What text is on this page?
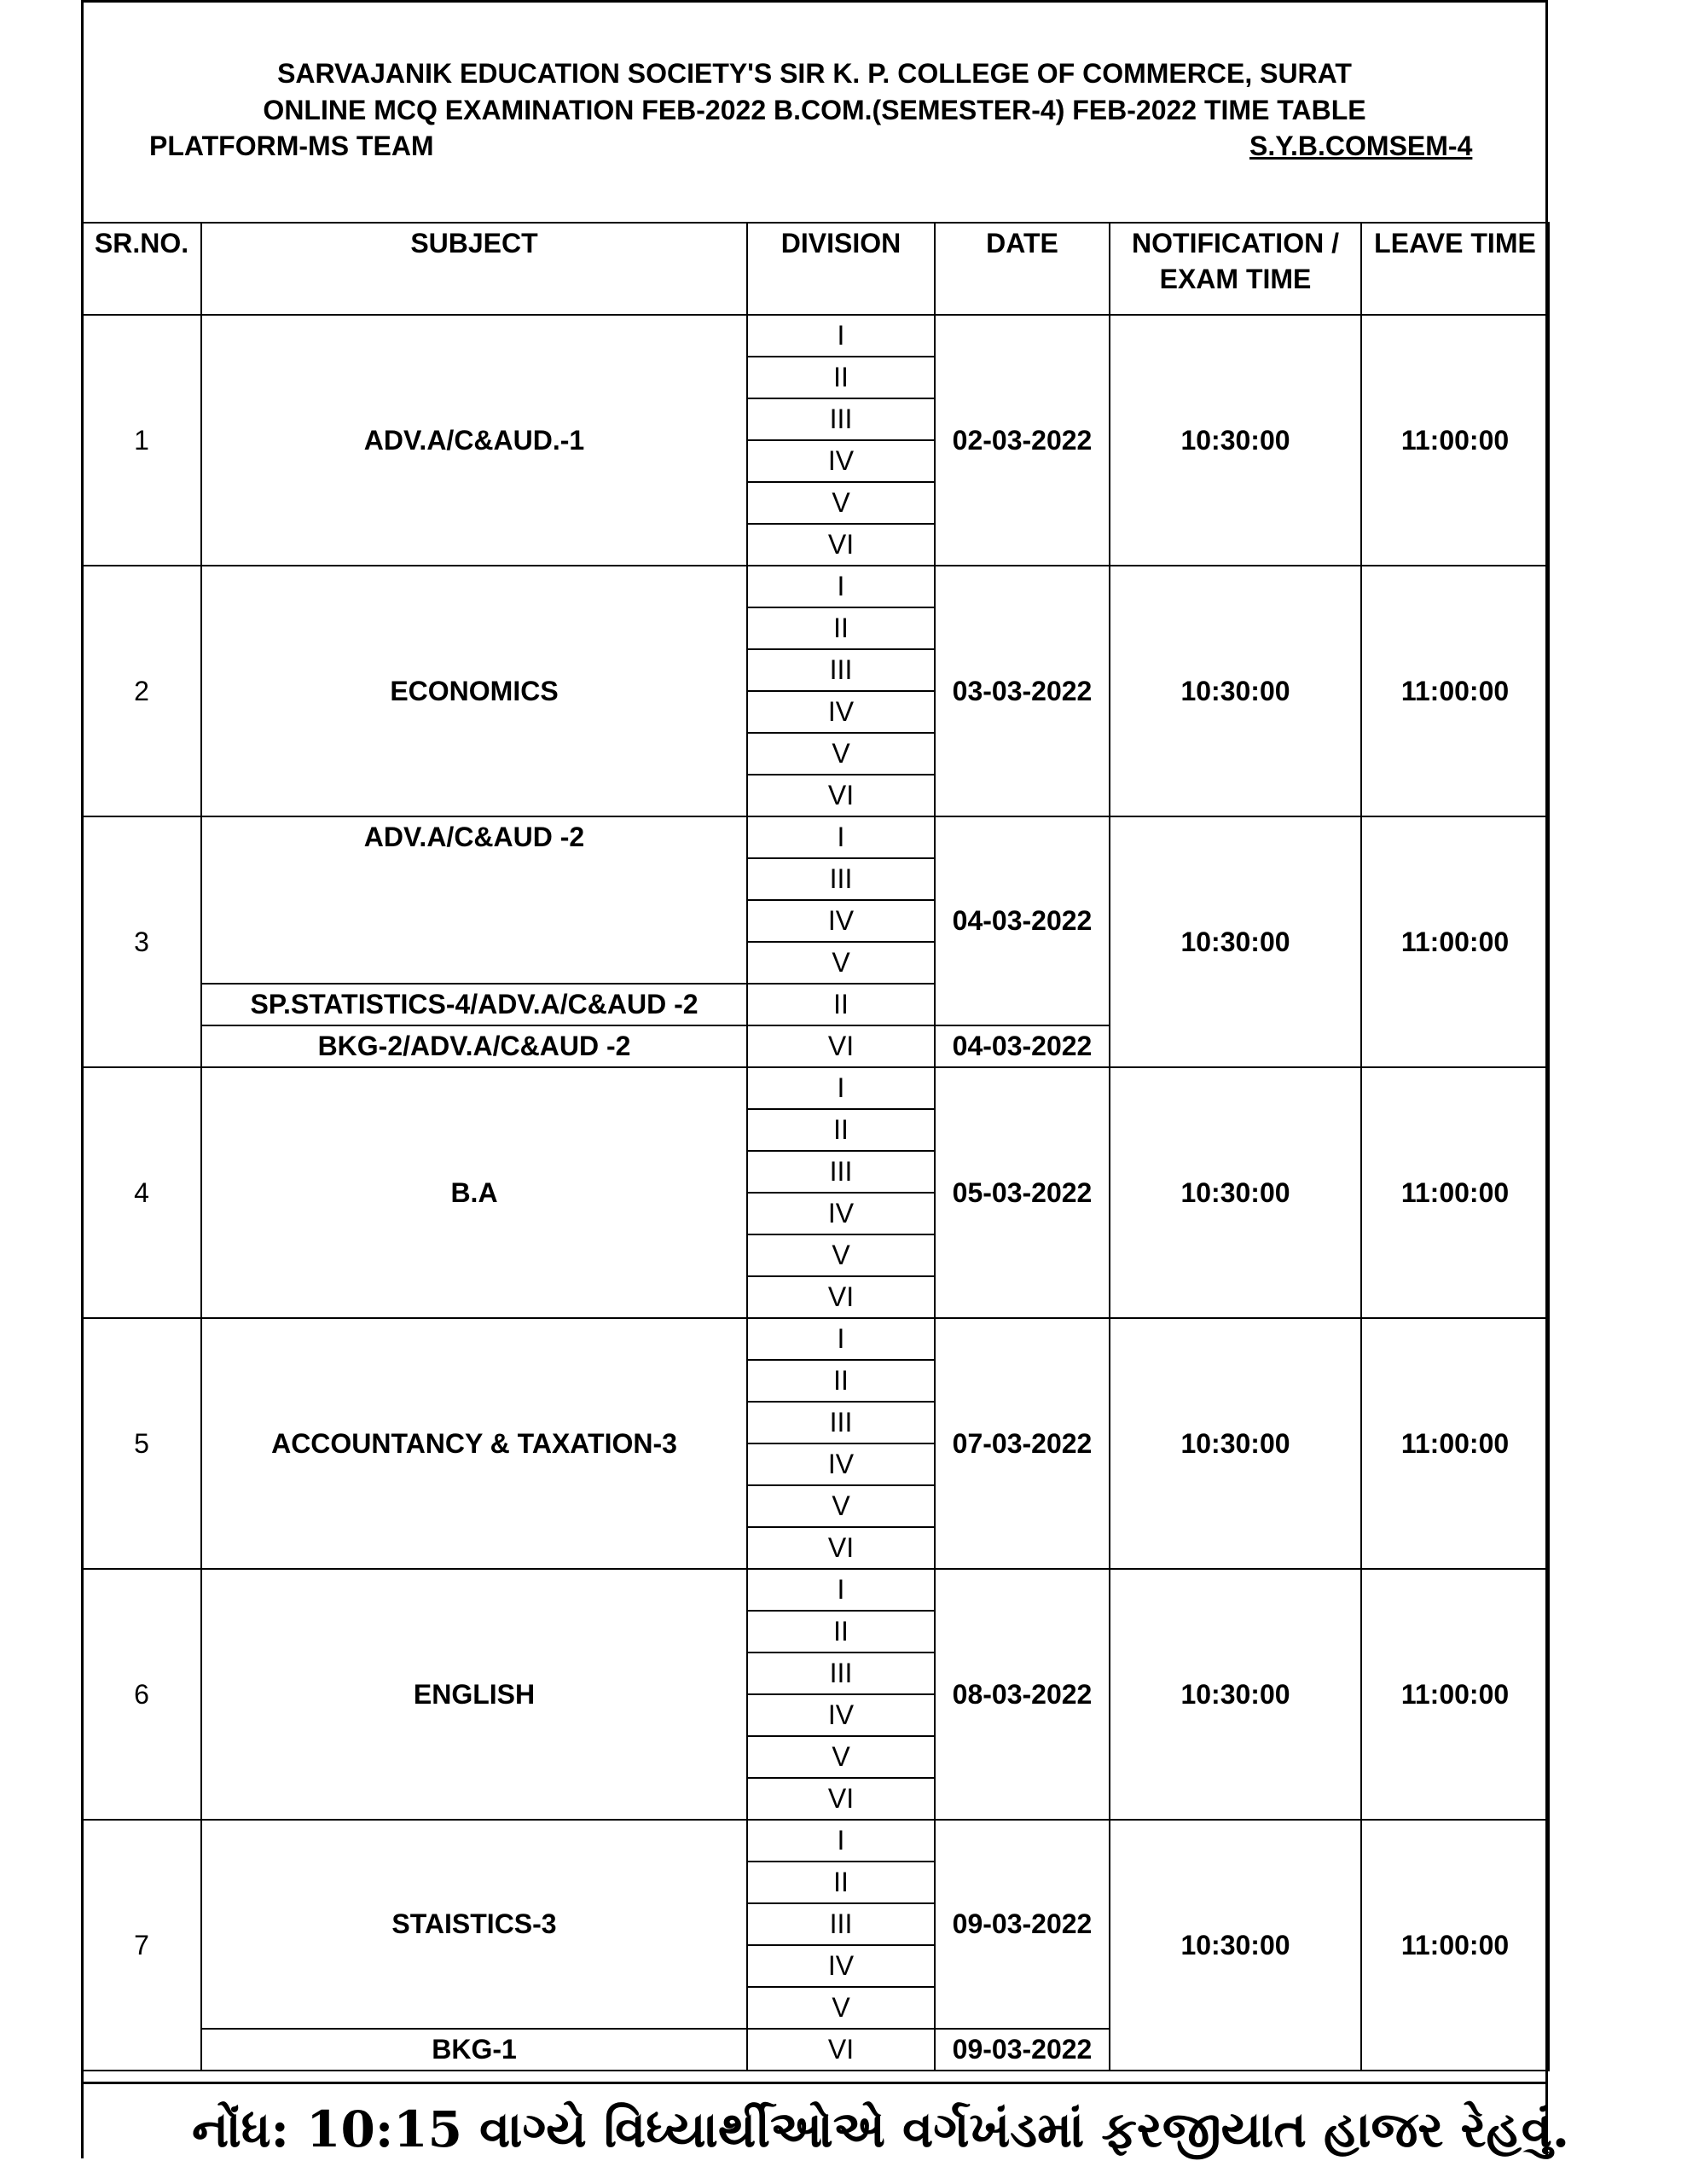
SARVAJANIK EDUCATION SOCIETY'S SIR K. P. COLLEGE OF COMMERCE, SURAT
ONLINE MCQ EXAMINATION FEB-2022 B.COM.(SEMESTER-4) FEB-2022 TIME TABLE
PLATFORM-MS TEAM	S.Y.B.COMSEM-4
SR.NO.	SUBJECT	DIVISION	DATE	NOTIFICATION / EXAM TIME	LEAVE TIME
1	ADV.A/C&AUD.-1	I	02-03-2022	10:30:00	11:00:00
		II			
		III			
		IV			
		V			
		VI			
2	ECONOMICS	I	03-03-2022	10:30:00	11:00:00
		II			
		III			
		IV			
		V			
		VI			
3	ADV.A/C&AUD -2	I	04-03-2022	10:30:00	11:00:00
		III			
		IV			
		V			
	SP.STATISTICS-4/ADV.A/C&AUD -2	II			
	BKG-2/ADV.A/C&AUD -2	VI	04-03-2022		
4	B.A	I	05-03-2022	10:30:00	11:00:00
		II			
		III			
		IV			
		V			
		VI			
5	ACCOUNTANCY & TAXATION-3	I	07-03-2022	10:30:00	11:00:00
		II			
		III			
		IV			
		V			
		VI			
6	ENGLISH	I	08-03-2022	10:30:00	11:00:00
		II			
		III			
		IV			
		V			
		VI			
7	STAISTICS-3	I	09-03-2022	10:30:00	11:00:00
		II			
		III			
		IV			
		V			
	BKG-1	VI	09-03-2022		
નોંધ: 10:15 વાગ્યે વિધ્યાર્થીઓએ વર્ગખંડમાં ફરજીયાત હાજર રેહવું.
